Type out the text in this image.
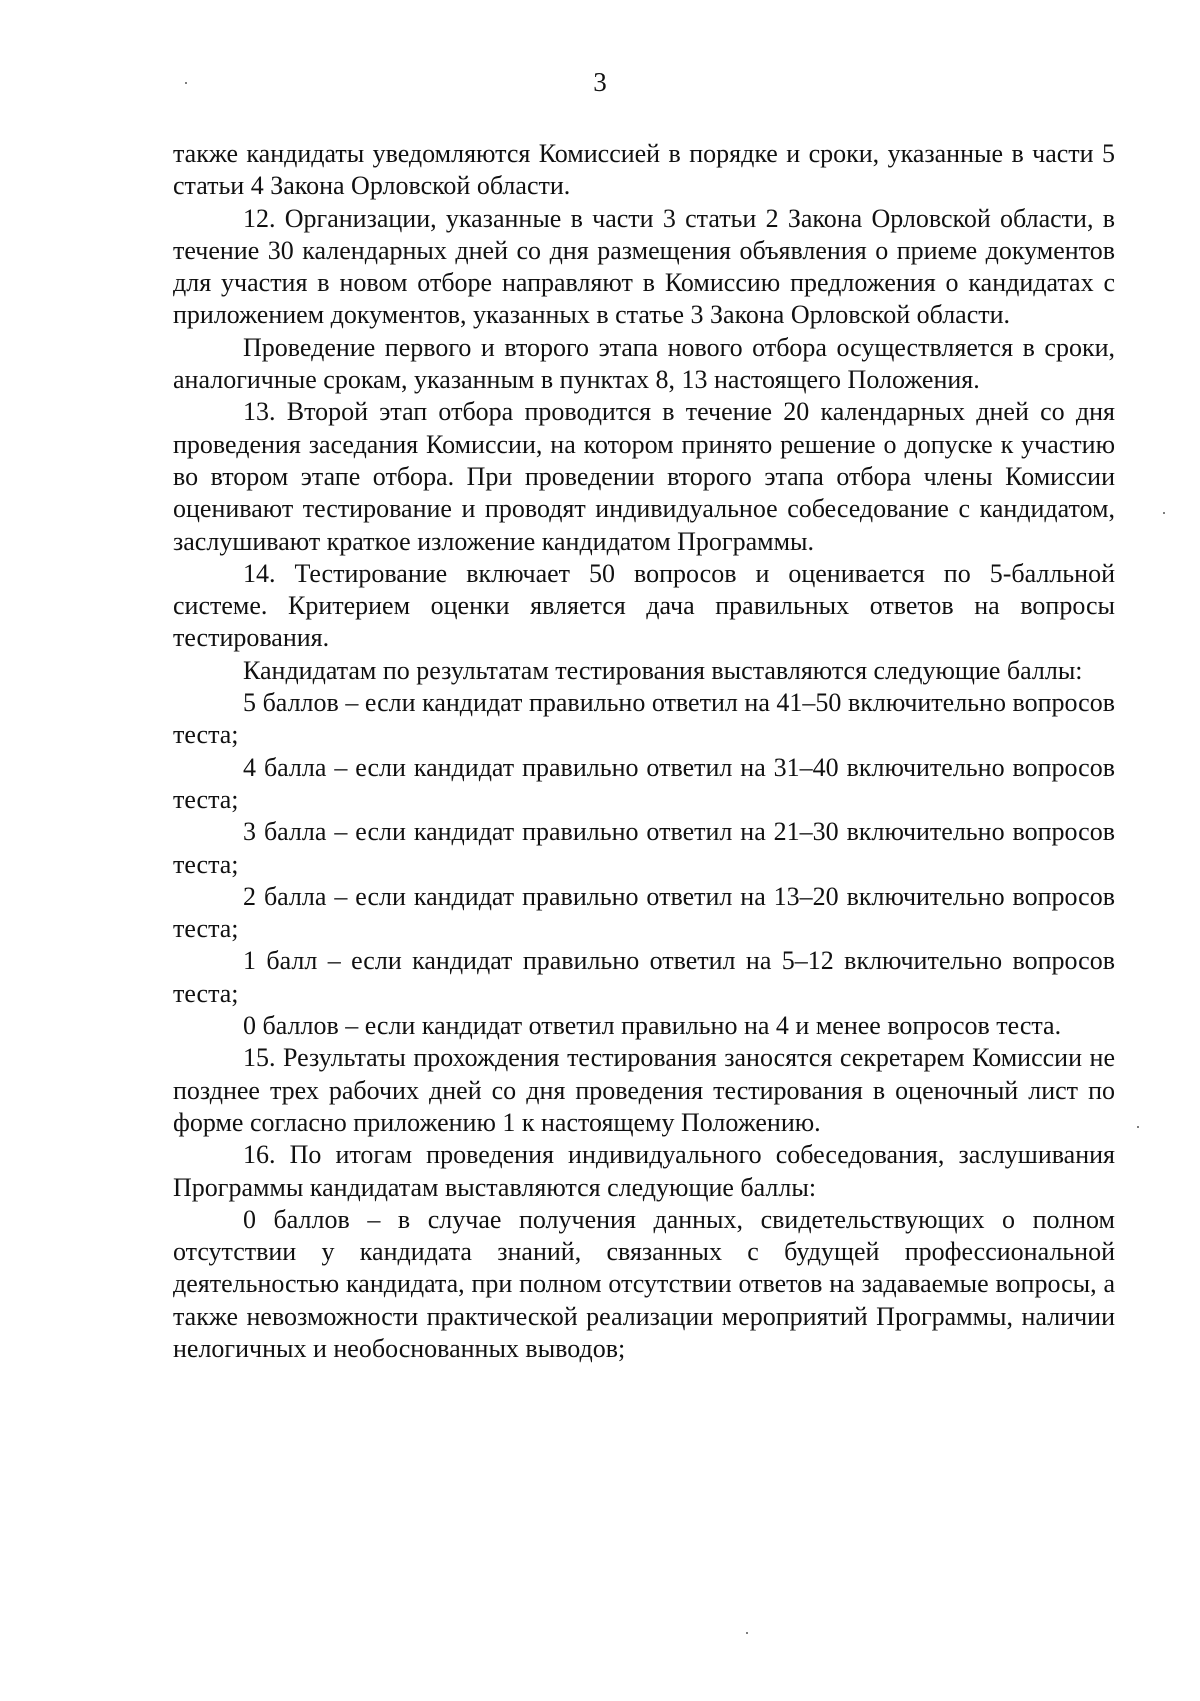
3

также кандидаты уведомляются Комиссией в порядке и сроки, указанные в части 5 статьи 4 Закона Орловской области.

12. Организации, указанные в части 3 статьи 2 Закона Орловской области, в течение 30 календарных дней со дня размещения объявления о приеме документов для участия в новом отборе направляют в Комиссию предложения о кандидатах с приложением документов, указанных в статье 3 Закона Орловской области.

Проведение первого и второго этапа нового отбора осуществляется в сроки, аналогичные срокам, указанным в пунктах 8, 13 настоящего Положения.

13. Второй этап отбора проводится в течение 20 календарных дней со дня проведения заседания Комиссии, на котором принято решение о допуске к участию во втором этапе отбора. При проведении второго этапа отбора члены Комиссии оценивают тестирование и проводят индивидуальное собеседование с кандидатом, заслушивают краткое изложение кандидатом Программы.

14. Тестирование включает 50 вопросов и оценивается по 5-балльной системе. Критерием оценки является дача правильных ответов на вопросы тестирования.

Кандидатам по результатам тестирования выставляются следующие баллы:

5 баллов – если кандидат правильно ответил на 41–50 включительно вопросов теста;

4 балла – если кандидат правильно ответил на 31–40 включительно вопросов теста;

3 балла – если кандидат правильно ответил на 21–30 включительно вопросов теста;

2 балла – если кандидат правильно ответил на 13–20 включительно вопросов теста;

1 балл – если кандидат правильно ответил на 5–12 включительно вопросов теста;

0 баллов – если кандидат ответил правильно на 4 и менее вопросов теста.

15. Результаты прохождения тестирования заносятся секретарем Комиссии не позднее трех рабочих дней со дня проведения тестирования в оценочный лист по форме согласно приложению 1 к настоящему Положению.

16. По итогам проведения индивидуального собеседования, заслушивания Программы кандидатам выставляются следующие баллы:

0 баллов – в случае получения данных, свидетельствующих о полном отсутствии у кандидата знаний, связанных с будущей профессиональной деятельностью кандидата, при полном отсутствии ответов на задаваемые вопросы, а также невозможности практической реализации мероприятий Программы, наличии нелогичных и необоснованных выводов;
